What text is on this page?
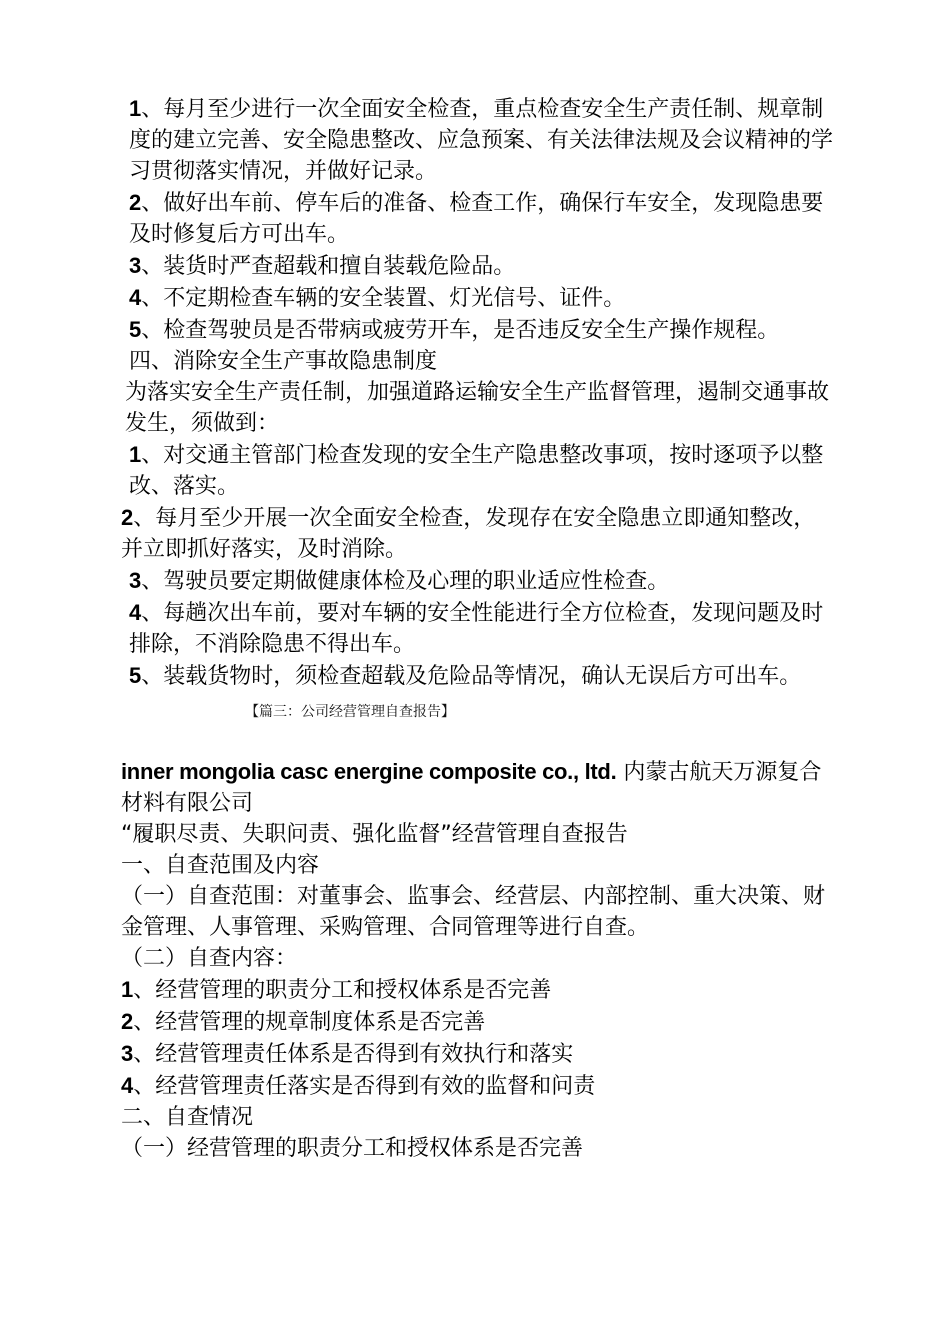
1、每月至少进行一次全面安全检查，重点检查安全生产责任制、规章制度的建立完善、安全隐患整改、应急预案、有关法律法规及会议精神的学习贯彻落实情况，并做好记录。

2、做好出车前、停车后的准备、检查工作，确保行车安全，发现隐患要及时修复后方可出车。

3、装货时严查超载和擅自装载危险品。

4、不定期检查车辆的安全装置、灯光信号、证件。

5、检查驾驶员是否带病或疲劳开车，是否违反安全生产操作规程。

四、消除安全生产事故隐患制度

为落实安全生产责任制，加强道路运输安全生产监督管理，遏制交通事故发生，须做到：

1、对交通主管部门检查发现的安全生产隐患整改事项，按时逐项予以整改、落实。

2、每月至少开展一次全面安全检查，发现存在安全隐患立即通知整改，并立即抓好落实，及时消除。

3、驾驶员要定期做健康体检及心理的职业适应性检查。

4、每趟次出车前，要对车辆的安全性能进行全方位检查，发现问题及时排除，不消除隐患不得出车。

5、装载货物时，须检查超载及危险品等情况，确认无误后方可出车。

【篇三：公司经营管理自查报告】

inner mongolia casc energine composite co., ltd. 内蒙古航天万源复合材料有限公司

“履职尽责、失职问责、强化监督”经营管理自查报告

一、自查范围及内容

（一）自查范围：对董事会、监事会、经营层、内部控制、重大决策、财金管理、人事管理、采购管理、合同管理等进行自查。

（二）自查内容：

1、经营管理的职责分工和授权体系是否完善

2、经营管理的规章制度体系是否完善

3、经营管理责任体系是否得到有效执行和落实

4、经营管理责任落实是否得到有效的监督和问责

二、自查情况

（一）经营管理的职责分工和授权体系是否完善
